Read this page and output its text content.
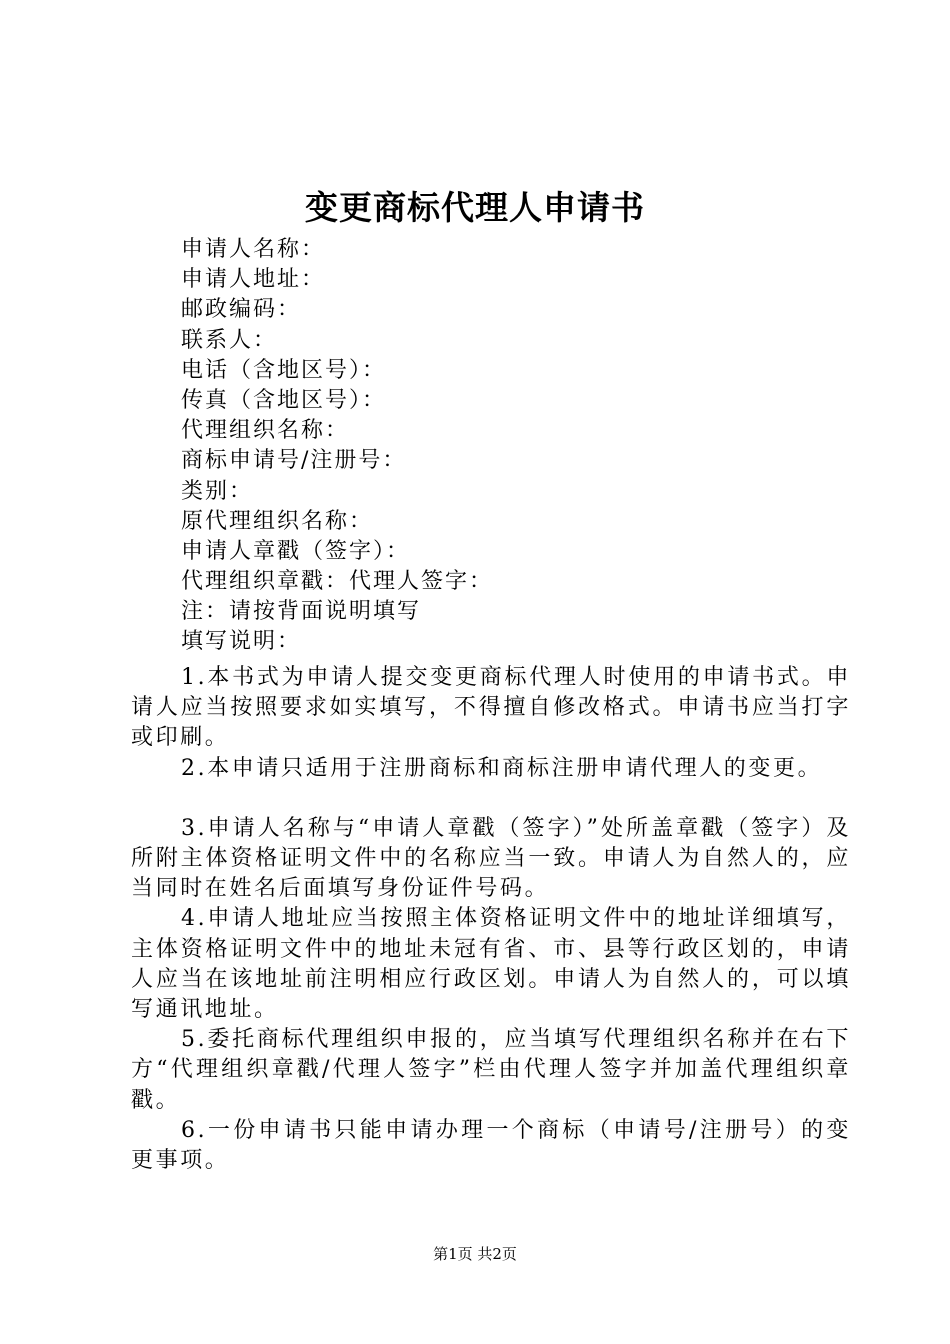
变更商标代理人申请书
申请人名称：
申请人地址：
邮政编码：
联系人：
电话（含地区号）：
传真（含地区号）：
代理组织名称：
商标申请号/注册号：
类别：
原代理组织名称：
申请人章戳（签字）：
代理组织章戳：代理人签字：
注：请按背面说明填写
填写说明：

1.本书式为申请人提交变更商标代理人时使用的申请书式。申请人应当按照要求如实填写，不得擅自修改格式。申请书应当打字或印刷。

2.本申请只适用于注册商标和商标注册申请代理人的变更。

3.申请人名称与“申请人章戳（签字）”处所盖章戳（签字）及所附主体资格证明文件中的名称应当一致。申请人为自然人的，应当同时在姓名后面填写身份证件号码。

4.申请人地址应当按照主体资格证明文件中的地址详细填写，主体资格证明文件中的地址未冠有省、市、县等行政区划的，申请人应当在该地址前注明相应行政区划。申请人为自然人的，可以填写通讯地址。

5.委托商标代理组织申报的，应当填写代理组织名称并在右下方“代理组织章戳/代理人签字”栏由代理人签字并加盖代理组织章戳。

6.一份申请书只能申请办理一个商标（申请号/注册号）的变更事项。

第1页 共2页
